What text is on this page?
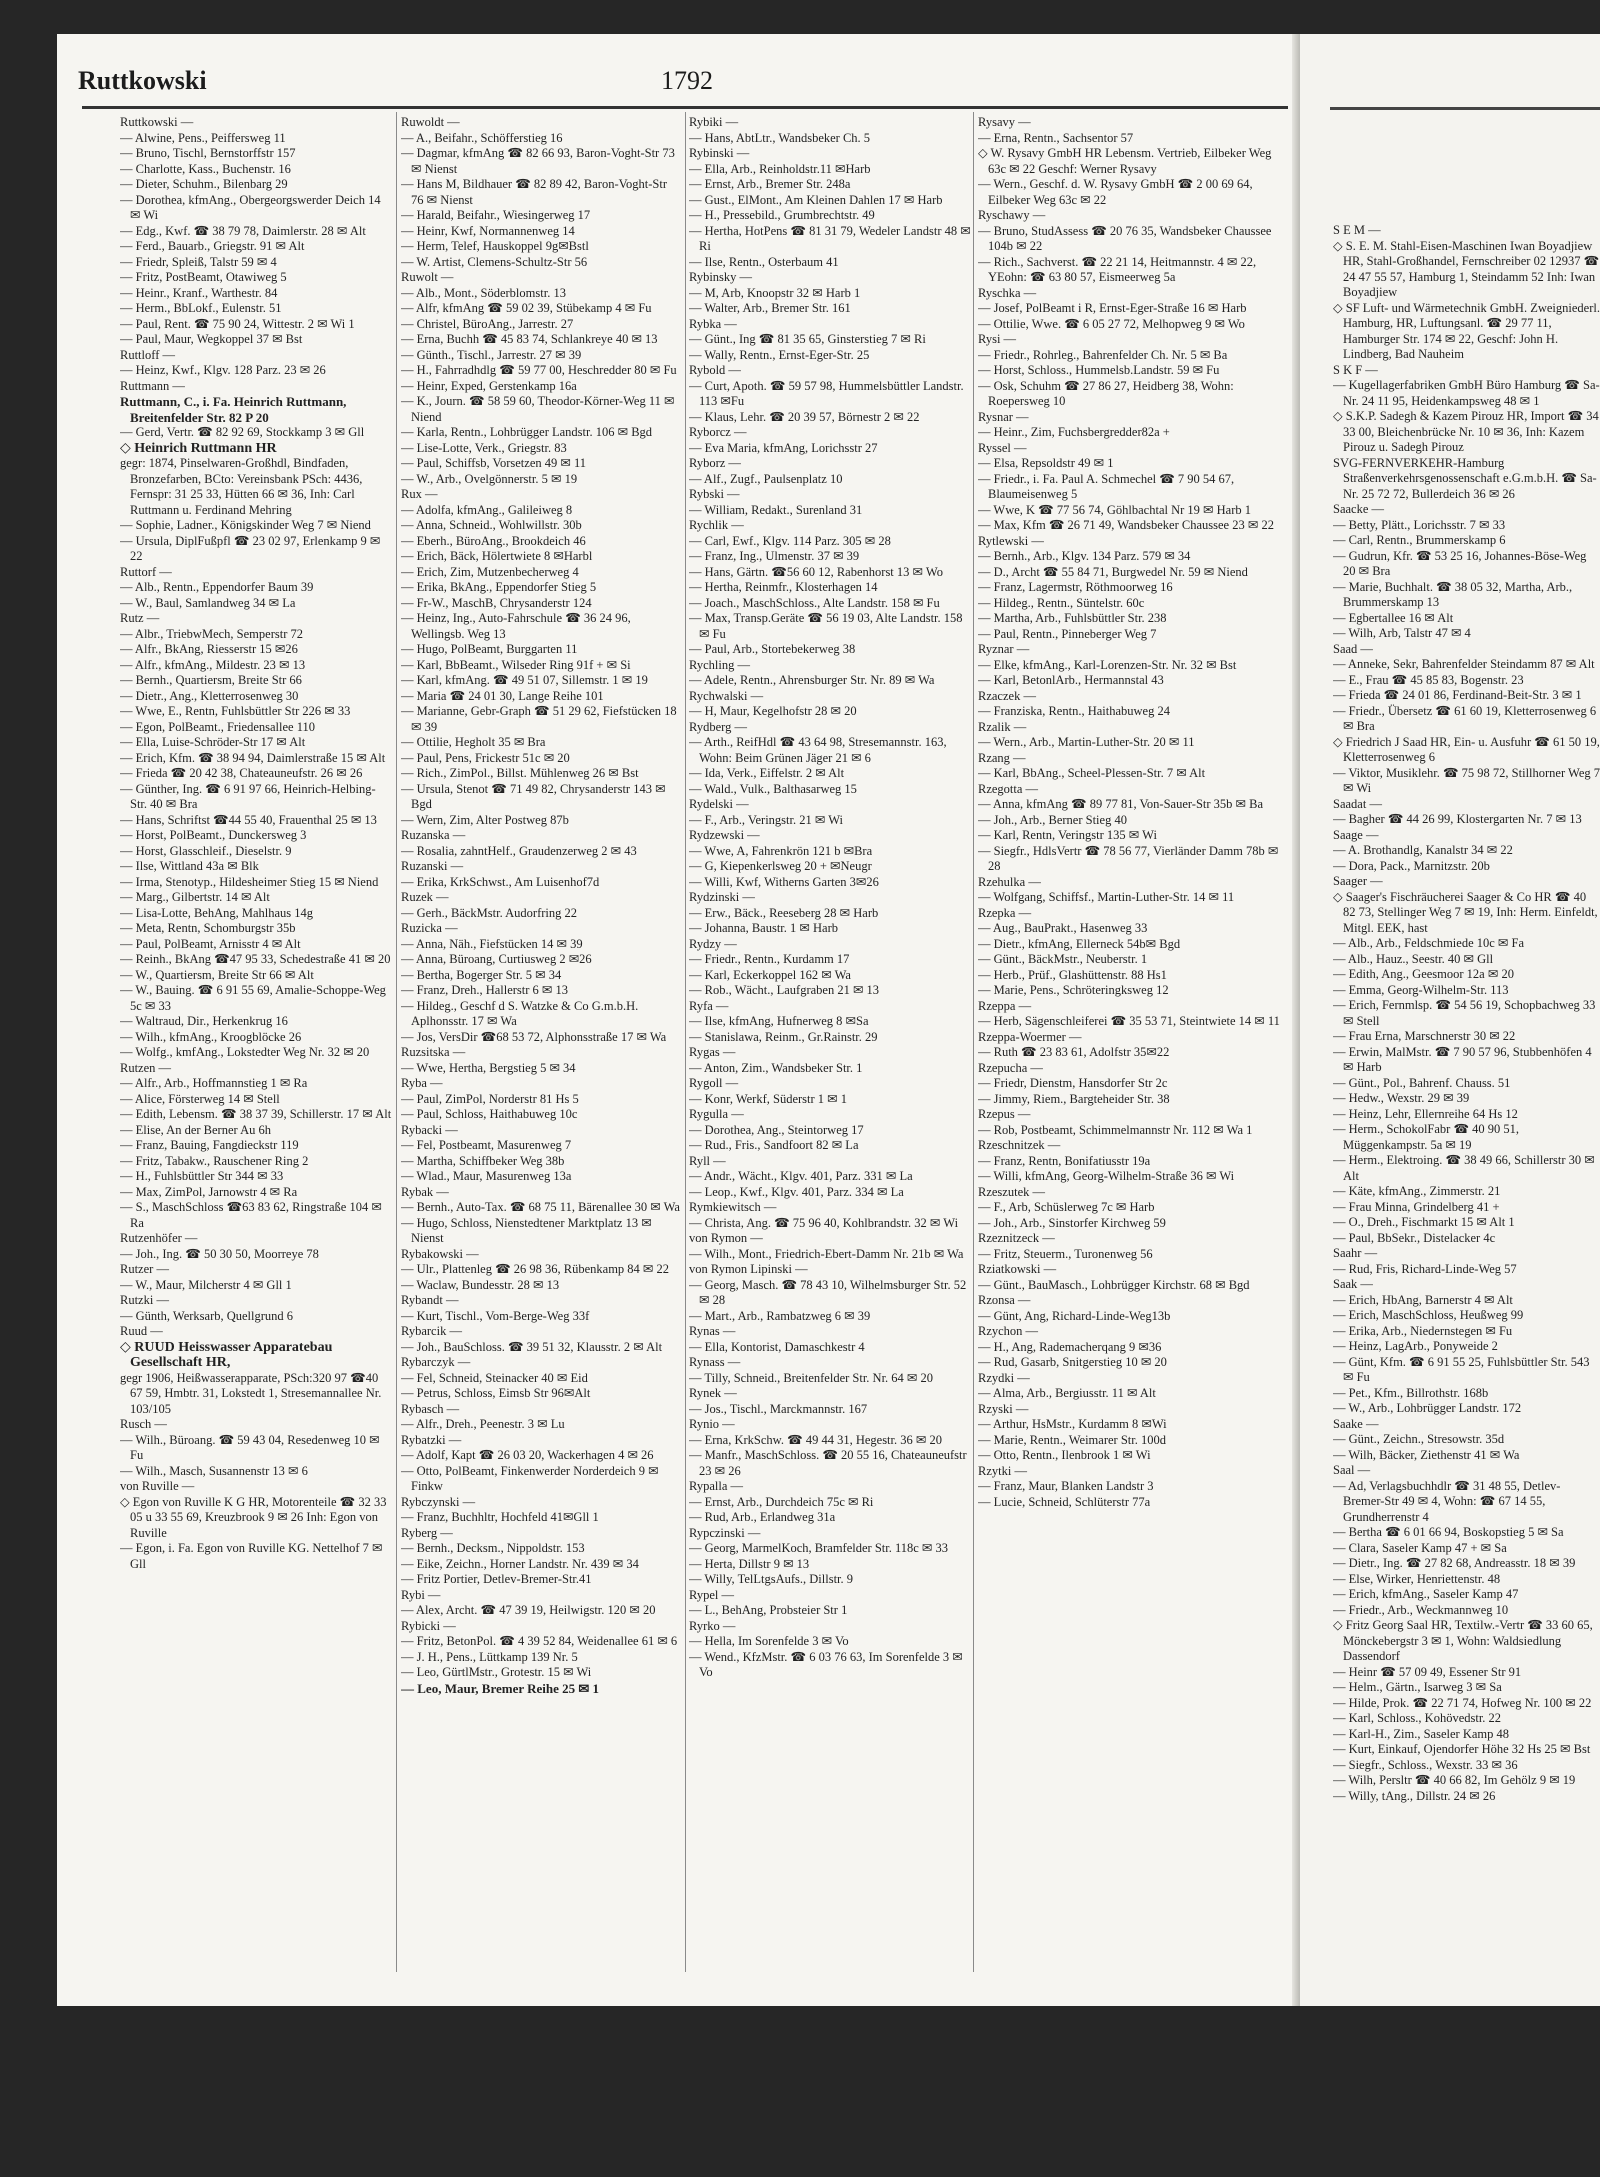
Ruttkowski	1792
Ruttkowski —
— Alwine, Pens., Peiffersweg 11
— Bruno, Tischl, Bernstorffstr 157
— Charlotte, Kass., Buchenstr. 16
— Dieter, Schuhm., Bilenbarg 29
— Dorothea, kfmAng., Obergeorgswerder Deich 14 ✉ Wi
— Edg., Kwf. ☎ 38 79 78, Daimlerstr. 28 ✉ Alt
— Ferd., Bauarb., Griegstr. 91 ✉ Alt
— Friedr, Spleiß, Talstr 59 ✉ 4
— Fritz, PostBeamt, Otawiweg 5
— Heinr., Kranf., Warthestr. 84
— Herm., BbLokf., Eulenstr. 51
— Paul, Rent. ☎ 75 90 24, Wittestr. 2 ✉ Wi 1
— Paul, Maur, Wegkoppel 37 ✉ Bst
Ruttloff —
— Heinz, Kwf., Klgv. 128 Parz. 23 ✉ 26
Ruttmann —
Ruttmann, C., i. Fa. Heinrich Ruttmann, Breitenfelder Str. 82 P 20
— Gerd, Vertr. ☎ 82 92 69, Stockkamp 3 ✉ Gll
◇ Heinrich Ruttmann HR
gegr: 1874, Pinselwaren-Großhdl, Bindfaden, Bronzefarben, BCto: Vereinsbank PSch: 4436, Fernspr: 31 25 33, Hütten 66 ✉ 36, Inh: Carl Ruttmann u. Ferdinand Mehring
— Sophie, Ladner., Königskinder Weg 7 ✉ Niend
— Ursula, DiplFußpfl ☎ 23 02 97, Erlenkamp 9 ✉ 22
Ruttorf —
— Alb., Rentn., Eppendorfer Baum 39
— W., Baul, Samlandweg 34 ✉ La
Rutz —
— Albr., TriebwMech, Semperstr 72
— Alfr., BkAng, Riesserstr 15 ✉26
— Alfr., kfmAng., Mildestr. 23 ✉ 13
— Bernh., Quartiersm, Breite Str 66
— Dietr., Ang., Kletterrosenweg 30
— Wwe, E., Rentn, Fuhlsbüttler Str 226 ✉ 33
— Egon, PolBeamt., Friedensallee 110
— Ella, Luise-Schröder-Str 17 ✉ Alt
— Erich, Kfm. ☎ 38 94 94, Daimlerstraße 15 ✉ Alt
— Frieda ☎ 20 42 38, Chateauneufstr. 26 ✉ 26
— Günther, Ing. ☎ 6 91 97 66, Heinrich-Helbing-Str. 40 ✉ Bra
— Hans, Schriftst ☎44 55 40, Frauenthal 25 ✉ 13
— Horst, PolBeamt., Dunckersweg 3
— Horst, Glasschleif., Dieselstr. 9
— Ilse, Wittland 43a ✉ Blk
— Irma, Stenotyp., Hildesheimer Stieg 15 ✉ Niend
— Marg., Gilbertstr. 14 ✉ Alt
— Lisa-Lotte, BehAng, Mahlhaus 14g
— Meta, Rentn, Schomburgstr 35b
— Paul, PolBeamt, Arnisstr 4 ✉ Alt
— Reinh., BkAng ☎47 95 33, Schedestraße 41 ✉ 20
— W., Quartiersm, Breite Str 66 ✉ Alt
— W., Bauing. ☎ 6 91 55 69, Amalie-Schoppe-Weg 5c ✉ 33
— Waltraud, Dir., Herkenkrug 16
— Wilh., kfmAng., Kroogblöcke 26
— Wolfg., kmfAng., Lokstedter Weg Nr. 32 ✉ 20
Rutzen —
— Alfr., Arb., Hoffmannstieg 1 ✉ Ra
— Alice, Försterweg 14 ✉ Stell
— Edith, Lebensm. ☎ 38 37 39, Schillerstr. 17 ✉ Alt
— Elise, An der Berner Au 6h
— Franz, Bauing, Fangdieckstr 119
— Fritz, Tabakw., Rauschener Ring 2
— H., Fuhlsbüttler Str 344 ✉ 33
— Max, ZimPol, Jarnowstr 4 ✉ Ra
— S., MaschSchloss ☎63 83 62, Ringstraße 104 ✉ Ra
Rutzenhöfer —
— Joh., Ing. ☎ 50 30 50, Moorreye 78
Rutzer —
— W., Maur, Milcherstr 4 ✉ Gll 1
Rutzki —
— Günth, Werksarb, Quellgrund 6
Ruud —
◇ RUUD Heisswasser Apparatebau Gesellschaft HR,
gegr 1906, Heißwasserapparate, PSch:320 97 ☎40 67 59, Hmbtr. 31, Lokstedt 1, Stresemannallee Nr. 103/105
Rusch —
— Wilh., Büroang. ☎ 59 43 04, Resedenweg 10 ✉ Fu
— Wilh., Masch, Susannenstr 13 ✉ 6
von Ruville —
◇ Egon von Ruville K G HR, Motorenteile ☎ 32 33 05 u 33 55 69, Kreuzbrook 9 ✉ 26 Inh: Egon von Ruville
— Egon, i. Fa. Egon von Ruville KG. Nettelhof 7 ✉ Gll
Ruwoldt —
— A., Beifahr., Schöfferstieg 16
— Dagmar, kfmAng ☎ 82 66 93, Baron-Voght-Str 73 ✉ Nienst
— Hans M, Bildhauer ☎ 82 89 42, Baron-Voght-Str 76 ✉ Nienst
— Harald, Beifahr., Wiesingerweg 17
— Heinr, Kwf, Normannenweg 14
— Herm, Telef, Hauskoppel 9g✉Bstl
— W. Artist, Clemens-Schultz-Str 56
Ruwolt —
— Alb., Mont., Söderblomstr. 13
— Alfr, kfmAng ☎ 59 02 39, Stübekamp 4 ✉ Fu
— Christel, BüroAng., Jarrestr. 27
— Erna, Buchh ☎ 45 83 74, Schlankreye 40 ✉ 13
— Günth., Tischl., Jarrestr. 27 ✉ 39
— H., Fahrradhdlg ☎ 59 77 00, Heschredder 80 ✉ Fu
— Heinr, Exped, Gerstenkamp 16a
— K., Journ. ☎ 58 59 60, Theodor-Körner-Weg 11 ✉ Niend
— Karla, Rentn., Lohbrügger Landstr. 106 ✉ Bgd
— Lise-Lotte, Verk., Griegstr. 83
— Paul, Schiffsb, Vorsetzen 49 ✉ 11
— W., Arb., Ovelgönnerstr. 5 ✉ 19
Rux —
— Adolfa, kfmAng., Galileiweg 8
— Anna, Schneid., Wohlwillstr. 30b
— Eberh., BüroAng., Brookdeich 46
— Erich, Bäck, Hölertwiete 8 ✉Harbl
— Erich, Zim, Mutzenbecherweg 4
— Erika, BkAng., Eppendorfer Stieg 5
— Fr-W., MaschB, Chrysanderstr 124
— Heinz, Ing., Auto-Fahrschule ☎ 36 24 96, Wellingsb. Weg 13
— Hugo, PolBeamt, Burggarten 11
— Karl, BbBeamt., Wilseder Ring 91f + ✉ Si
— Karl, kfmAng. ☎ 49 51 07, Sillemstr. 1 ✉ 19
— Maria ☎ 24 01 30, Lange Reihe 101
— Marianne, Gebr-Graph ☎ 51 29 62, Fiefstücken 18 ✉ 39
— Ottilie, Hegholt 35 ✉ Bra
— Paul, Pens, Frickestr 51c ✉ 20
— Rich., ZimPol., Billst. Mühlenweg 26 ✉ Bst
— Ursula, Stenot ☎ 71 49 82, Chrysanderstr 143 ✉ Bgd
— Wern, Zim, Alter Postweg 87b
Ruzanska —
— Rosalia, zahntHelf., Graudenzerweg 2 ✉ 43
Ruzanski —
— Erika, KrkSchwst., Am Luisenhof7d
Ruzek —
— Gerh., BäckMstr. Audorfring 22
Ruzicka —
— Anna, Näh., Fiefstücken 14 ✉ 39
— Anna, Büroang, Curtiusweg 2 ✉26
— Bertha, Bogerger Str. 5 ✉ 34
— Franz, Dreh., Hallerstr 6 ✉ 13
— Hildeg., Geschf d S. Watzke & Co G.m.b.H. Aplhonsstr. 17 ✉ Wa
— Jos, VersDir ☎68 53 72, Alphonsstraße 17 ✉ Wa
Ruzsitska —
— Wwe, Hertha, Bergstieg 5 ✉ 34
Ryba —
— Paul, ZimPol, Norderstr 81 Hs 5
— Paul, Schloss, Haithabuweg 10c
Rybacki —
— Fel, Postbeamt, Masurenweg 7
— Martha, Schiffbeker Weg 38b
— Wlad., Maur, Masurenweg 13a
Rybak —
— Bernh., Auto-Tax. ☎ 68 75 11, Bärenallee 30 ✉ Wa
— Hugo, Schloss, Nienstedtener Marktplatz 13 ✉ Nienst
Rybakowski —
— Ulr., Plattenleg ☎ 26 98 36, Rübenkamp 84 ✉ 22
— Waclaw, Bundesstr. 28 ✉ 13
Rybandt —
— Kurt, Tischl., Vom-Berge-Weg 33f
Rybarcik —
— Joh., BauSchloss. ☎ 39 51 32, Klausstr. 2 ✉ Alt
Rybarczyk —
— Fel, Schneid, Steinacker 40 ✉ Eid
— Petrus, Schloss, Eimsb Str 96✉Alt
Rybasch —
— Alfr., Dreh., Peenestr. 3 ✉ Lu
Rybatzki —
— Adolf, Kapt ☎ 26 03 20, Wackerhagen 4 ✉ 26
— Otto, PolBeamt, Finkenwerder Norderdeich 9 ✉ Finkw
Rybczynski —
— Franz, Buchhltr, Hochfeld 41✉Gll 1
Ryberg —
— Bernh., Decksm., Nippoldstr. 153
— Eike, Zeichn., Horner Landstr. Nr. 439 ✉ 34
— Fritz Portier, Detlev-Bremer-Str.41
Rybi —
— Alex, Archt. ☎ 47 39 19, Heilwigstr. 120 ✉ 20
Rybicki —
— Fritz, BetonPol. ☎ 4 39 52 84, Weidenallee 61 ✉ 6
— J. H., Pens., Lüttkamp 139 Nr. 5
— Leo, GürtlMstr., Grotestr. 15 ✉ Wi
— Leo, Maur, Bremer Reihe 25 ✉ 1
Rybiki —
— Hans, AbtLtr., Wandsbeker Ch. 5
Rybinski —
— Ella, Arb., Reinholdstr.11 ✉Harb
— Ernst, Arb., Bremer Str. 248a
— Gust., ElMont., Am Kleinen Dahlen 17 ✉ Harb
— H., Pressebild., Grumbrechtstr. 49
— Hertha, HotPens ☎ 81 31 79, Wedeler Landstr 48 ✉ Ri
— Ilse, Rentn., Osterbaum 41
Rybinsky —
— M, Arb, Knoopstr 32 ✉ Harb 1
— Walter, Arb., Bremer Str. 161
Rybka —
— Günt., Ing ☎ 81 35 65, Ginsterstieg 7 ✉ Ri
— Wally, Rentn., Ernst-Eger-Str. 25
Rybold —
— Curt, Apoth. ☎ 59 57 98, Hummelsbüttler Landstr. 113 ✉Fu
— Klaus, Lehr. ☎ 20 39 57, Börnestr 2 ✉ 22
Ryborcz —
— Eva Maria, kfmAng, Lorichsstr 27
Ryborz —
— Alf., Zugf., Paulsenplatz 10
Rybski —
— William, Redakt., Surenland 31
Rychlik —
— Carl, Ewf., Klgv. 114 Parz. 305 ✉ 28
— Franz, Ing., Ulmenstr. 37 ✉ 39
— Hans, Gärtn. ☎56 60 12, Rabenhorst 13 ✉ Wo
— Hertha, Reinmfr., Klosterhagen 14
— Joach., MaschSchloss., Alte Landstr. 158 ✉ Fu
— Max, Transp.Geräte ☎ 56 19 03, Alte Landstr. 158 ✉ Fu
— Paul, Arb., Stortebekerweg 38
Rychling —
— Adele, Rentn., Ahrensburger Str. Nr. 89 ✉ Wa
Rychwalski —
— H, Maur, Kegelhofstr 28 ✉ 20
Rydberg —
— Arth., ReifHdl ☎ 43 64 98, Stresemannstr. 163, Wohn: Beim Grünen Jäger 21 ✉ 6
— Ida, Verk., Eiffelstr. 2 ✉ Alt
— Wald., Vulk., Balthasarweg 15
Rydelski —
— F., Arb., Veringstr. 21 ✉ Wi
Rydzewski —
— Wwe, A, Fahrenkrön 121 b ✉Bra
— G, Kiepenkerlsweg 20 + ✉Neugr
— Willi, Kwf, Witherns Garten 3✉26
Rydzinski —
— Erw., Bäck., Reeseberg 28 ✉ Harb
— Johanna, Baustr. 1 ✉ Harb
Rydzy —
— Friedr., Rentn., Kurdamm 17
— Karl, Eckerkoppel 162 ✉ Wa
— Rob., Wächt., Laufgraben 21 ✉ 13
Ryfa —
— Ilse, kfmAng, Hufnerweg 8 ✉Sa
— Stanislawa, Reinm., Gr.Rainstr. 29
Rygas —
— Anton, Zim., Wandsbeker Str. 1
Rygoll —
— Konr, Werkf, Süderstr 1 ✉ 1
Rygulla —
— Dorothea, Ang., Steintorweg 17
— Rud., Fris., Sandfoort 82 ✉ La
Ryll —
— Andr., Wächt., Klgv. 401, Parz. 331 ✉ La
— Leop., Kwf., Klgv. 401, Parz. 334 ✉ La
Rymkiewitsch —
— Christa, Ang. ☎ 75 96 40, Kohlbrandstr. 32 ✉ Wi
von Rymon —
— Wilh., Mont., Friedrich-Ebert-Damm Nr. 21b ✉ Wa
von Rymon Lipinski —
— Georg, Masch. ☎ 78 43 10, Wilhelmsburger Str. 52 ✉ 28
— Mart., Arb., Rambatzweg 6 ✉ 39
Rynas —
— Ella, Kontorist, Damaschkestr 4
Rynass —
— Tilly, Schneid., Breitenfelder Str. Nr. 64 ✉ 20
Rynek —
— Jos., Tischl., Marckmannstr. 167
Rynio —
— Erna, KrkSchw. ☎ 49 44 31, Hegestr. 36 ✉ 20
— Manfr., MaschSchloss. ☎ 20 55 16, Chateauneufstr 23 ✉ 26
Rypalla —
— Ernst, Arb., Durchdeich 75c ✉ Ri
— Rud, Arb., Erlandweg 31a
Rypczinski —
— Georg, MarmelKoch, Bramfelder Str. 118c ✉ 33
— Herta, Dillstr 9 ✉ 13
— Willy, TelLtgsAufs., Dillstr. 9
Rypel —
— L., BehAng, Probsteier Str 1
Ryrko —
— Hella, Im Sorenfelde 3 ✉ Vo
— Wend., KfzMstr. ☎ 6 03 76 63, Im Sorenfelde 3 ✉ Vo
Rysavy —
— Erna, Rentn., Sachsentor 57
◇ W. Rysavy GmbH HR Lebensm. Vertrieb, Eilbeker Weg 63c ✉ 22 Geschf: Werner Rysavy
— Wern., Geschf. d. W. Rysavy GmbH ☎ 2 00 69 64, Eilbeker Weg 63c ✉ 22
Ryschawy —
— Bruno, StudAssess ☎ 20 76 35, Wandsbeker Chaussee 104b ✉ 22
— Rich., Sachverst. ☎ 22 21 14, Heitmannstr. 4 ✉ 22, YEohn: ☎ 63 80 57, Eismeerweg 5a
Ryschka —
— Josef, PolBeamt i R, Ernst-Eger-Straße 16 ✉ Harb
— Ottilie, Wwe. ☎ 6 05 27 72, Melhopweg 9 ✉ Wo
Rysi —
— Friedr., Rohrleg., Bahrenfelder Ch. Nr. 5 ✉ Ba
— Horst, Schloss., Hummelsb.Landstr. 59 ✉ Fu
— Osk, Schuhm ☎ 27 86 27, Heidberg 38, Wohn: Roepersweg 10
Rysnar —
— Heinr., Zim, Fuchsbergredder82a +
Ryssel —
— Elsa, Repsoldstr 49 ✉ 1
— Friedr., i. Fa. Paul A. Schmechel ☎ 7 90 54 67, Blaumeisenweg 5
— Wwe, K ☎ 77 56 74, Göhlbachtal Nr 19 ✉ Harb 1
— Max, Kfm ☎ 26 71 49, Wandsbeker Chaussee 23 ✉ 22
Rytlewski —
— Bernh., Arb., Klgv. 134 Parz. 579 ✉ 34
— D., Archt ☎ 55 84 71, Burgwedel Nr. 59 ✉ Niend
— Franz, Lagermstr, Röthmoorweg 16
— Hildeg., Rentn., Süntelstr. 60c
— Martha, Arb., Fuhlsbüttler Str. 238
— Paul, Rentn., Pinneberger Weg 7
Ryznar —
— Elke, kfmAng., Karl-Lorenzen-Str. Nr. 32 ✉ Bst
— Karl, BetonlArb., Hermannstal 43
Rzaczek —
— Franziska, Rentn., Haithabuweg 24
Rzalik —
— Wern., Arb., Martin-Luther-Str. 20 ✉ 11
Rzang —
— Karl, BbAng., Scheel-Plessen-Str. 7 ✉ Alt
Rzegotta —
— Anna, kfmAng ☎ 89 77 81, Von-Sauer-Str 35b ✉ Ba
— Joh., Arb., Berner Stieg 40
— Karl, Rentn, Veringstr 135 ✉ Wi
— Siegfr., HdlsVertr ☎ 78 56 77, Vierländer Damm 78b ✉ 28
Rzehulka —
— Wolfgang, Schiffsf., Martin-Luther-Str. 14 ✉ 11
Rzepka —
— Aug., BauPrakt., Hasenweg 33
— Dietr., kfmAng, Ellerneck 54b✉ Bgd
— Günt., BäckMstr., Neuberstr. 1
— Herb., Prüf., Glashüttenstr. 88 Hs1
— Marie, Pens., Schröteringksweg 12
Rzeppa —
— Herb, Sägenschleiferei ☎ 35 53 71, Steintwiete 14 ✉ 11
Rzeppa-Woermer —
— Ruth ☎ 23 83 61, Adolfstr 35✉22
Rzepucha —
— Friedr, Dienstm, Hansdorfer Str 2c
— Jimmy, Riem., Bargteheider Str. 38
Rzepus —
— Rob, Postbeamt, Schimmelmannstr Nr. 112 ✉ Wa 1
Rzeschnitzek —
— Franz, Rentn, Bonifatiusstr 19a
— Willi, kfmAng, Georg-Wilhelm-Straße 36 ✉ Wi
Rzeszutek —
— F., Arb, Schüslerweg 7c ✉ Harb
— Joh., Arb., Sinstorfer Kirchweg 59
Rzeznitzeck —
— Fritz, Steuerm., Turonenweg 56
Rziatkowski —
— Günt., BauMasch., Lohbrügger Kirchstr. 68 ✉ Bgd
Rzonsa —
— Günt, Ang, Richard-Linde-Weg13b
Rzychon —
— H., Ang, Rademacherqang 9 ✉36
— Rud, Gasarb, Snitgerstieg 10 ✉ 20
Rzydki —
— Alma, Arb., Bergiusstr. 11 ✉ Alt
Rzyski —
— Arthur, HsMstr., Kurdamm 8 ✉Wi
— Marie, Rentn., Weimarer Str. 100d
— Otto, Rentn., Ilenbrook 1 ✉ Wi
Rzytki —
— Franz, Maur, Blanken Landstr 3
— Lucie, Schneid, Schlüterstr 77a
S E M —
◇ S. E. M. Stahl-Eisen-Maschinen Iwan Boyadjiew HR, Stahl-Großhandel, Fernschreiber 02 12937 ☎ 24 47 55 57, Hamburg 1, Steindamm 52 Inh: Iwan Boyadjiew
◇ SF Luft- und Wärmetechnik GmbH. Zweigniederl. Hamburg, HR, Luftungsanl. ☎ 29 77 11, Hamburger Str. 174 ✉ 22, Geschf: John H. Lindberg, Bad Nauheim
S K F —
— Kugellagerfabriken GmbH Büro Hamburg ☎ Sa-Nr. 24 11 95, Heidenkampsweg 48 ✉ 1
◇ S.K.P. Sadegh & Kazem Pirouz HR, Import ☎ 34 33 00, Bleichenbrücke Nr. 10 ✉ 36, Inh: Kazem Pirouz u. Sadegh Pirouz
SVG-FERNVERKEHR-Hamburg Straßenverkehrsgenossenschaft e.G.m.b.H. ☎ Sa-Nr. 25 72 72, Bullerdeich 36 ✉ 26
Saacke —
— Betty, Plätt., Lorichsstr. 7 ✉ 33
— Carl, Rentn., Brummerskamp 6
— Gudrun, Kfr. ☎ 53 25 16, Johannes-Böse-Weg 20 ✉ Bra
— Marie, Buchhalt. ☎ 38 05 32, Martha, Arb., Brummerskamp 13
— Egbertallee 16 ✉ Alt
— Wilh, Arb, Talstr 47 ✉ 4
Saad —
— Anneke, Sekr, Bahrenfelder Steindamm 87 ✉ Alt
— E., Frau ☎ 45 85 83, Bogenstr. 23
— Frieda ☎ 24 01 86, Ferdinand-Beit-Str. 3 ✉ 1
— Friedr., Übersetz ☎ 61 60 19, Kletterrosenweg 6 ✉ Bra
◇ Friedrich J Saad HR, Ein- u. Ausfuhr ☎ 61 50 19, Kletterrosenweg 6
— Viktor, Musiklehr. ☎ 75 98 72, Stillhorner Weg 7 ✉ Wi
Saadat —
— Bagher ☎ 44 26 99, Klostergarten Nr. 7 ✉ 13
Saage —
— A. Brothandlg, Kanalstr 34 ✉ 22
— Dora, Pack., Marnitzstr. 20b
Saager —
◇ Saager's Fischräucherei Saager & Co HR ☎ 40 82 73, Stellinger Weg 7 ✉ 19, Inh: Herm. Einfeldt, Mitgl. EEK, hast
— Alb., Arb., Feldschmiede 10c ✉ Fa
— Alb., Hauz., Seestr. 40 ✉ Gll
— Edith, Ang., Geesmoor 12a ✉ 20
— Emma, Georg-Wilhelm-Str. 113
— Erich, Fernmlsp. ☎ 54 56 19, Schopbachweg 33 ✉ Stell
— Frau Erna, Marschnerstr 30 ✉ 22
— Erwin, MalMstr. ☎ 7 90 57 96, Stubbenhöfen 4 ✉ Harb
— Günt., Pol., Bahrenf. Chauss. 51
— Hedw., Wexstr. 29 ✉ 39
— Heinz, Lehr, Ellernreihe 64 Hs 12
— Herm., SchokolFabr ☎ 40 90 51, Müggenkampstr. 5a ✉ 19
— Herm., Elektroing. ☎ 38 49 66, Schillerstr 30 ✉ Alt
— Käte, kfmAng., Zimmerstr. 21
— Frau Minna, Grindelberg 41 +
— O., Dreh., Fischmarkt 15 ✉ Alt 1
— Paul, BbSekr., Distelacker 4c
Saahr —
— Rud, Fris, Richard-Linde-Weg 57
Saak —
— Erich, HbAng, Barnerstr 4 ✉ Alt
— Erich, MaschSchloss, Heußweg 99
— Erika, Arb., Niedernstegen ✉ Fu
— Heinz, LagArb., Ponyweide 2
— Günt, Kfm. ☎ 6 91 55 25, Fuhlsbüttler Str. 543 ✉ Fu
— Pet., Kfm., Billrothstr. 168b
— W., Arb., Lohbrügger Landstr. 172
Saake —
— Günt., Zeichn., Stresowstr. 35d
— Wilh, Bäcker, Ziethenstr 41 ✉ Wa
Saal —
— Ad, Verlagsbuchhdlr ☎ 31 48 55, Detlev-Bremer-Str 49 ✉ 4, Wohn: ☎ 67 14 55, Grundherrenstr 4
— Bertha ☎ 6 01 66 94, Boskopstieg 5 ✉ Sa
— Clara, Saseler Kamp 47 + ✉ Sa
— Dietr., Ing. ☎ 27 82 68, Andreasstr. 18 ✉ 39
— Else, Wirker, Henriettenstr. 48
— Erich, kfmAng., Saseler Kamp 47
— Friedr., Arb., Weckmannweg 10
◇ Fritz Georg Saal HR, Textilw.-Vertr ☎ 33 60 65, Mönckebergstr 3 ✉ 1, Wohn: Waldsiedlung Dassendorf
— Heinr ☎ 57 09 49, Essener Str 91
— Helm., Gärtn., Isarweg 3 ✉ Sa
— Hilde, Prok. ☎ 22 71 74, Hofweg Nr. 100 ✉ 22
— Karl, Schloss., Kohövedstr. 22
— Karl-H., Zim., Saseler Kamp 48
— Kurt, Einkauf, Ojendorfer Höhe 32 Hs 25 ✉ Bst
— Siegfr., Schloss., Wexstr. 33 ✉ 36
— Wilh, Persltr ☎ 40 66 82, Im Gehölz 9 ✉ 19
— Willy, tAng., Dillstr. 24 ✉ 26
